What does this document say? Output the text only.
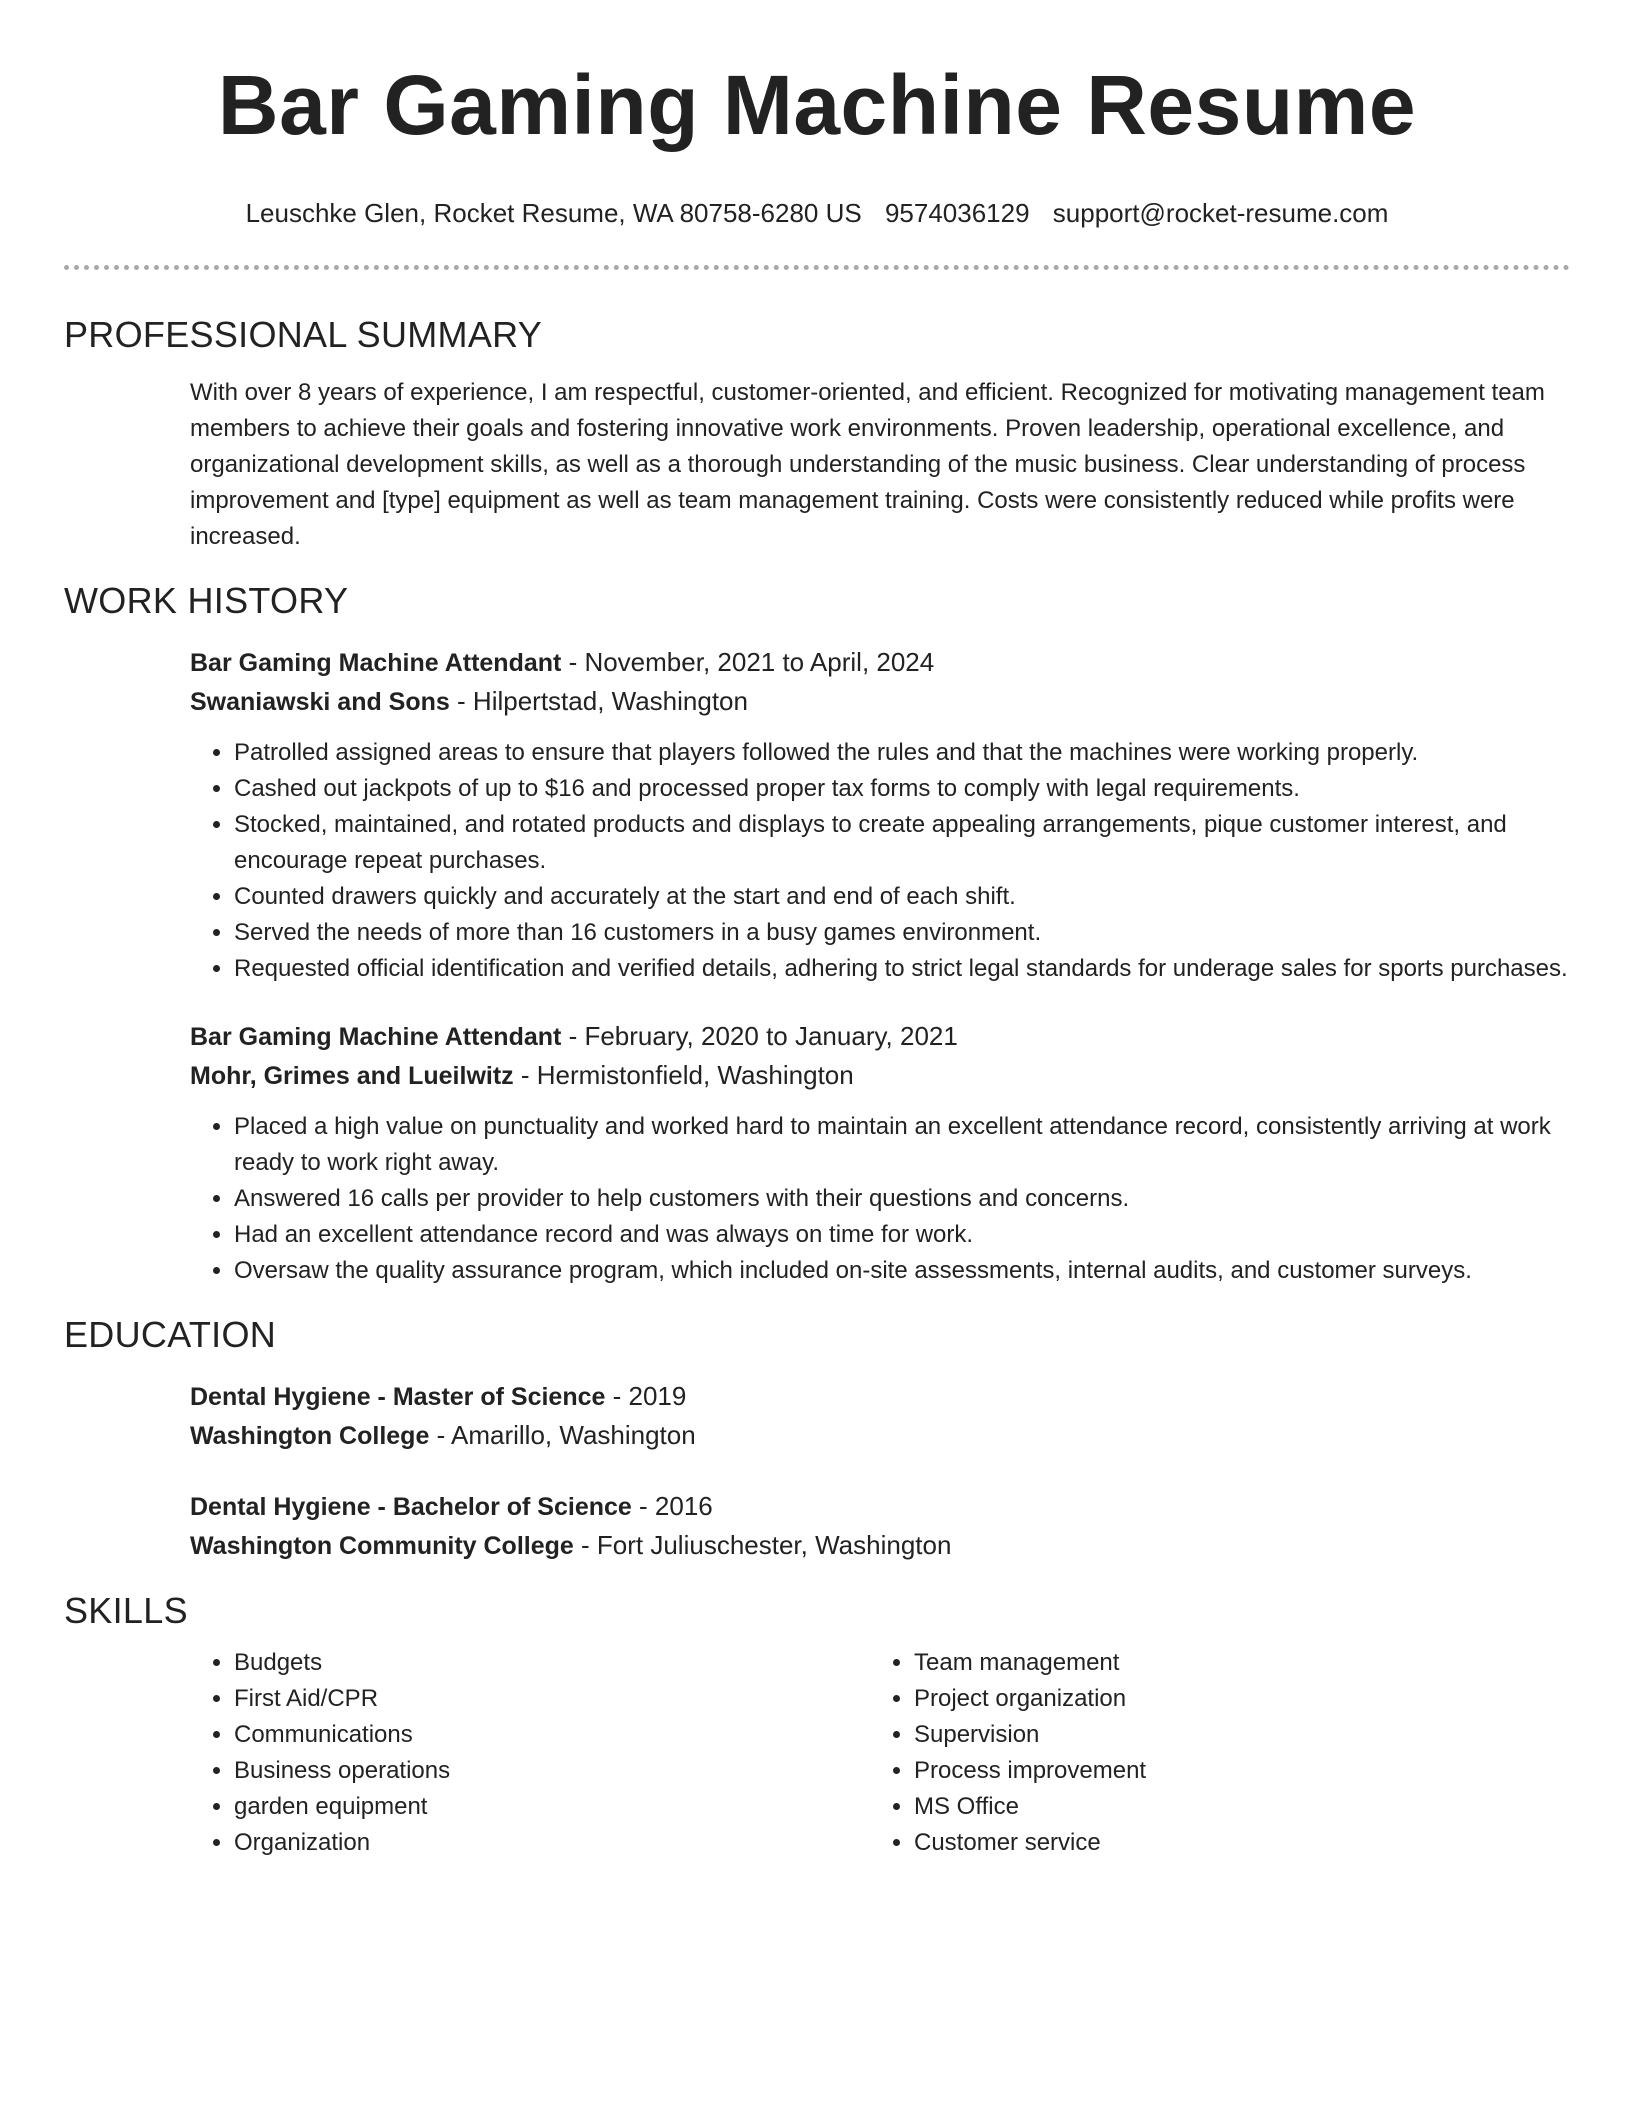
Bar Gaming Machine Resume
Leuschke Glen, Rocket Resume, WA 80758-6280 US 9574036129 support@rocket-resume.com
PROFESSIONAL SUMMARY

With over 8 years of experience, I am respectful, customer-oriented, and efficient. Recognized for motivating management team members to achieve their goals and fostering innovative work environments. Proven leadership, operational excellence, and organizational development skills, as well as a thorough understanding of the music business. Clear understanding of process improvement and [type] equipment as well as team management training. Costs were consistently reduced while profits were increased.

WORK HISTORY
Bar Gaming Machine Attendant - November, 2021 to April, 2024
Swaniawski and Sons - Hilpertstad, Washington
• Patrolled assigned areas to ensure that players followed the rules and that the machines were working properly.
• Cashed out jackpots of up to $16 and processed proper tax forms to comply with legal requirements.
• Stocked, maintained, and rotated products and displays to create appealing arrangements, pique customer interest, and encourage repeat purchases.
• Counted drawers quickly and accurately at the start and end of each shift.
• Served the needs of more than 16 customers in a busy games environment.
• Requested official identification and verified details, adhering to strict legal standards for underage sales for sports purchases.
Bar Gaming Machine Attendant - February, 2020 to January, 2021
Mohr, Grimes and Lueilwitz - Hermistonfield, Washington
• Placed a high value on punctuality and worked hard to maintain an excellent attendance record, consistently arriving at work ready to work right away.
• Answered 16 calls per provider to help customers with their questions and concerns.
• Had an excellent attendance record and was always on time for work.
• Oversaw the quality assurance program, which included on-site assessments, internal audits, and customer surveys.
EDUCATION
Dental Hygiene - Master of Science - 2019
Washington College - Amarillo, Washington
Dental Hygiene - Bachelor of Science - 2016
Washington Community College - Fort Juliuschester, Washington
SKILLS
• Budgets
• First Aid/CPR
• Communications
• Business operations
• garden equipment
• Organization
• Team management
• Project organization
• Supervision
• Process improvement
• MS Office
• Customer service
